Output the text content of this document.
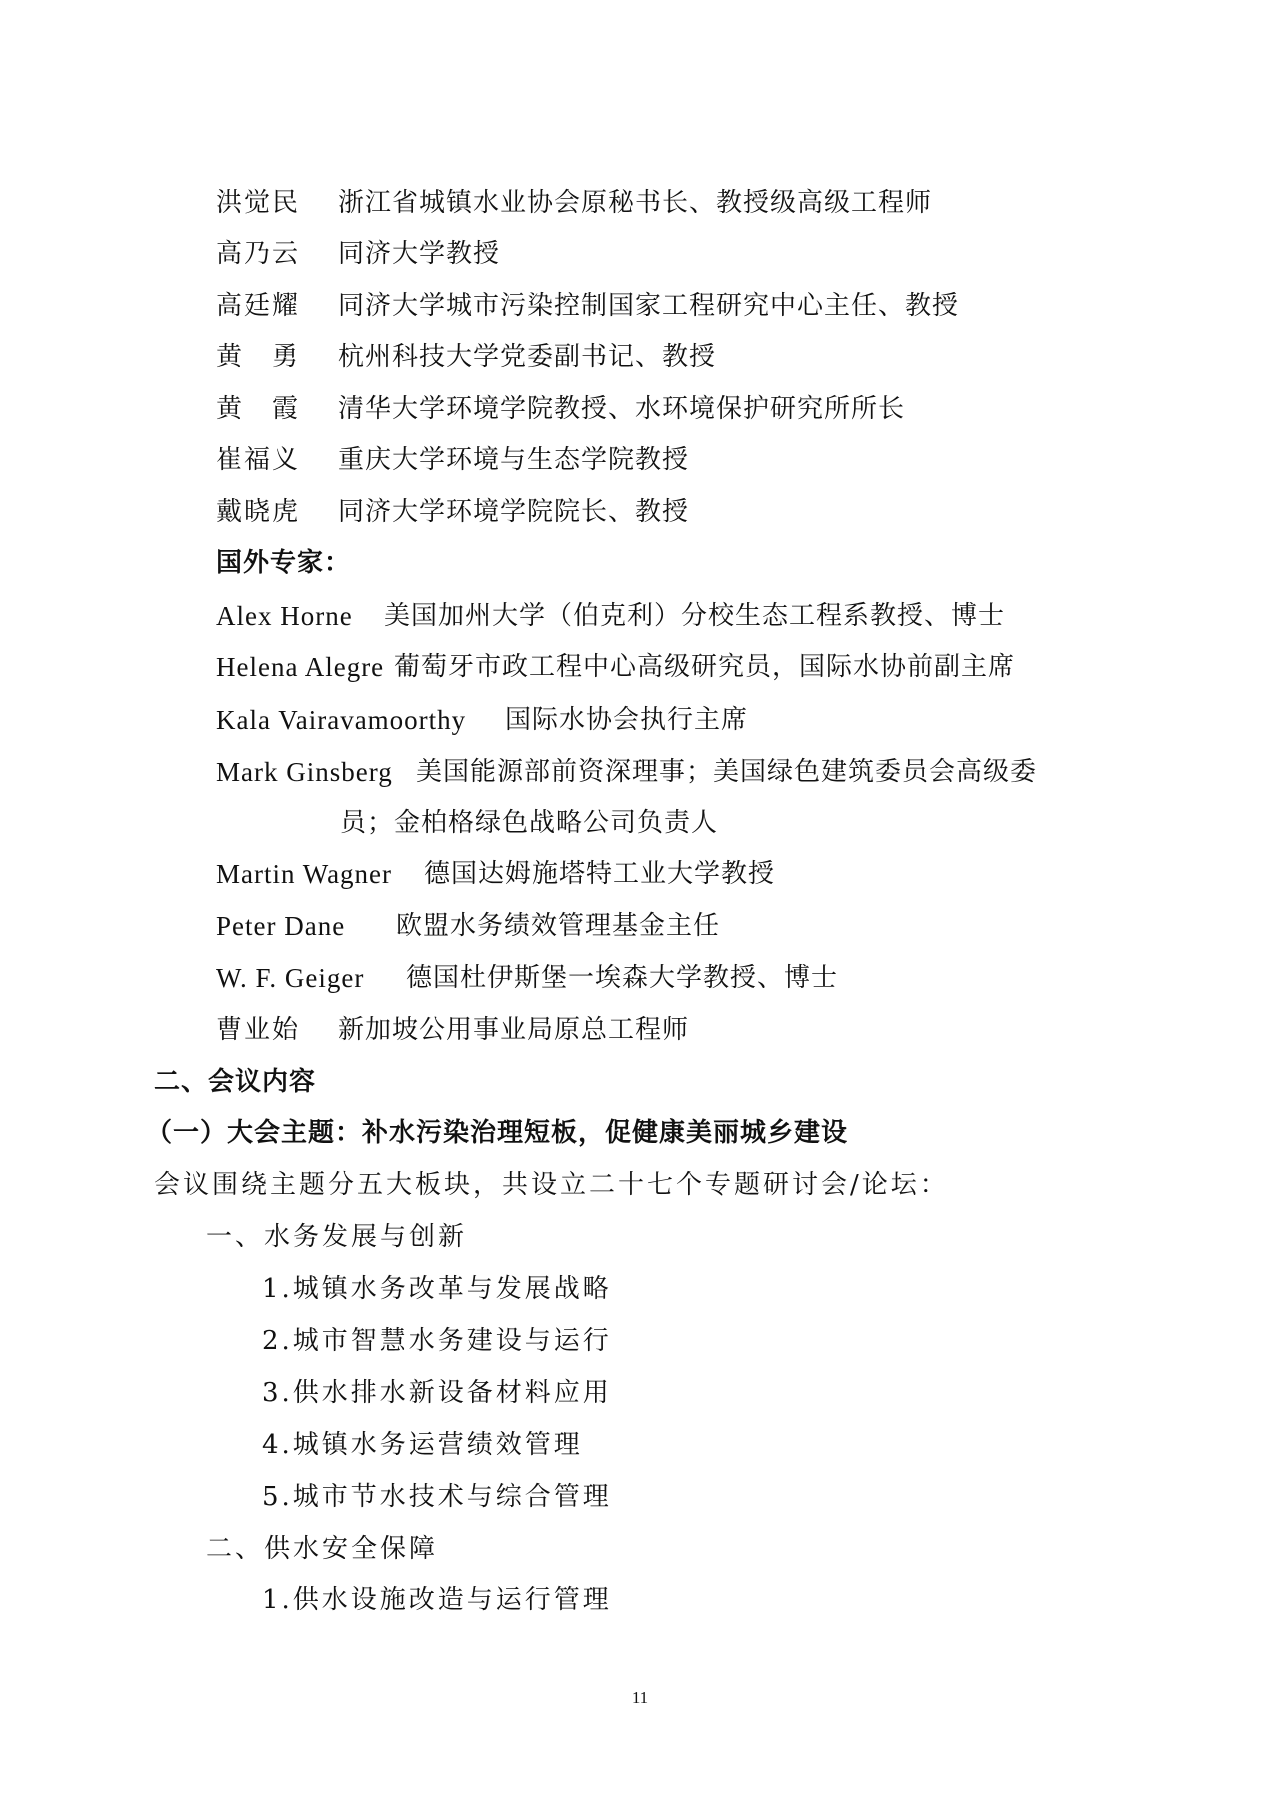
洪觉民 浙江省城镇水业协会原秘书长、教授级高级工程师
高乃云 同济大学教授
高廷耀 同济大学城市污染控制国家工程研究中心主任、教授
黄　勇 杭州科技大学党委副书记、教授
黄　霞 清华大学环境学院教授、水环境保护研究所所长
崔福义 重庆大学环境与生态学院教授
戴晓虎 同济大学环境学院院长、教授
国外专家：
Alex Horne 美国加州大学（伯克利）分校生态工程系教授、博士
Helena Alegre 葡萄牙市政工程中心高级研究员，国际水协前副主席
Kala Vairavamoorthy 国际水协会执行主席
Mark Ginsberg 美国能源部前资深理事；美国绿色建筑委员会高级委
员；金柏格绿色战略公司负责人
Martin Wagner 德国达姆施塔特工业大学教授
Peter Dane 欧盟水务绩效管理基金主任
W. F. Geiger 德国杜伊斯堡一埃森大学教授、博士
曹业始 新加坡公用事业局原总工程师
二、会议内容
（一）大会主题：补水污染治理短板，促健康美丽城乡建设
会议围绕主题分五大板块，共设立二十七个专题研讨会/论坛：
一、水务发展与创新
1.城镇水务改革与发展战略
2.城市智慧水务建设与运行
3.供水排水新设备材料应用
4.城镇水务运营绩效管理
5.城市节水技术与综合管理
二、供水安全保障
1.供水设施改造与运行管理
11
